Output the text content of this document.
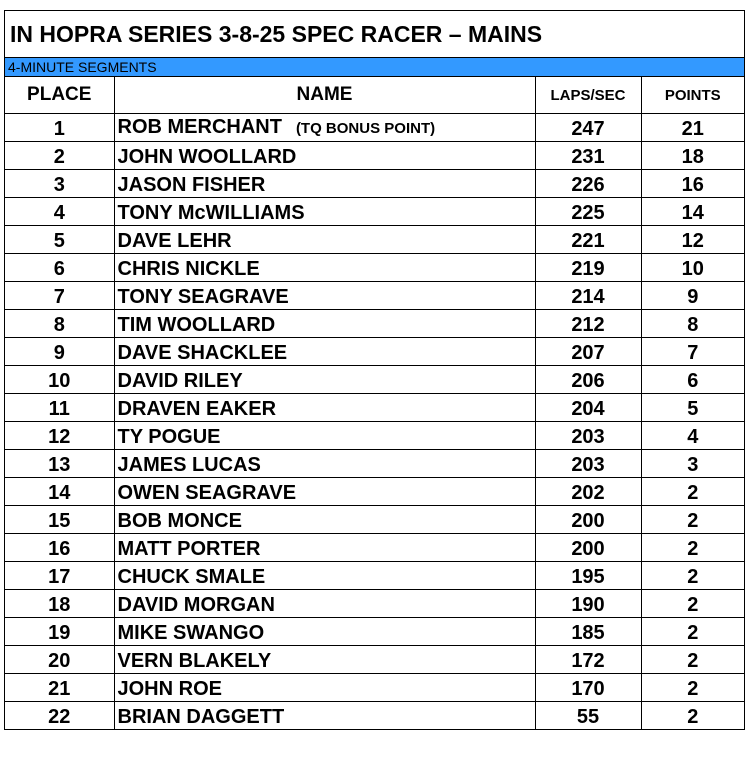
IN HOPRA SERIES 3-8-25 SPEC RACER – MAINS
4-MINUTE SEGMENTS
PLACE	NAME	LAPS/SEC	POINTS
1	ROB MERCHANT (TQ BONUS POINT)	247	21
2	JOHN WOOLLARD	231	18
3	JASON FISHER	226	16
4	TONY McWILLIAMS	225	14
5	DAVE LEHR	221	12
6	CHRIS NICKLE	219	10
7	TONY SEAGRAVE	214	9
8	TIM WOOLLARD	212	8
9	DAVE SHACKLEE	207	7
10	DAVID RILEY	206	6
11	DRAVEN EAKER	204	5
12	TY POGUE	203	4
13	JAMES LUCAS	203	3
14	OWEN SEAGRAVE	202	2
15	BOB MONCE	200	2
16	MATT PORTER	200	2
17	CHUCK SMALE	195	2
18	DAVID MORGAN	190	2
19	MIKE SWANGO	185	2
20	VERN BLAKELY	172	2
21	JOHN ROE	170	2
22	BRIAN DAGGETT	55	2
